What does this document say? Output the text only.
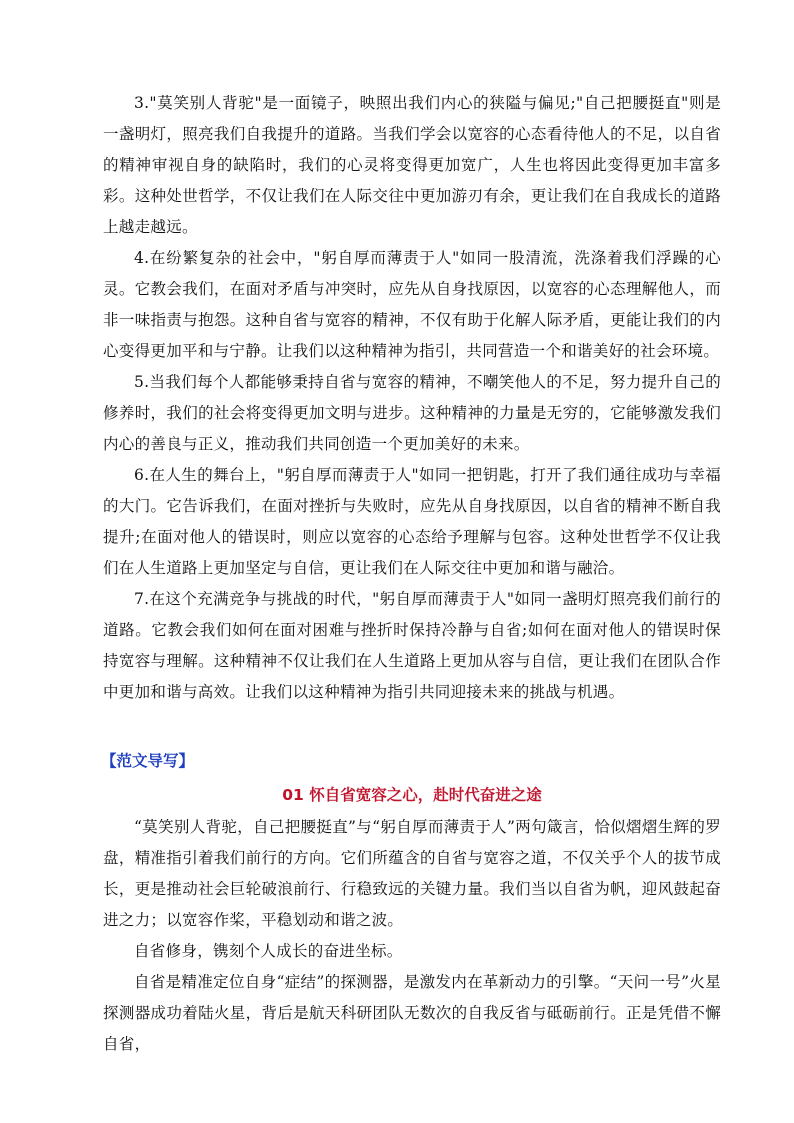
3."莫笑别人背驼"是一面镜子，映照出我们内心的狭隘与偏见;"自己把腰挺直"则是一盏明灯，照亮我们自我提升的道路。当我们学会以宽容的心态看待他人的不足，以自省的精神审视自身的缺陷时，我们的心灵将变得更加宽广，人生也将因此变得更加丰富多彩。这种处世哲学，不仅让我们在人际交往中更加游刃有余，更让我们在自我成长的道路上越走越远。

4.在纷繁复杂的社会中，"躬自厚而薄责于人"如同一股清流，洗涤着我们浮躁的心灵。它教会我们，在面对矛盾与冲突时，应先从自身找原因，以宽容的心态理解他人，而非一味指责与抱怨。这种自省与宽容的精神，不仅有助于化解人际矛盾，更能让我们的内心变得更加平和与宁静。让我们以这种精神为指引，共同营造一个和谐美好的社会环境。

5.当我们每个人都能够秉持自省与宽容的精神，不嘲笑他人的不足，努力提升自己的修养时，我们的社会将变得更加文明与进步。这种精神的力量是无穷的，它能够激发我们内心的善良与正义，推动我们共同创造一个更加美好的未来。

6.在人生的舞台上，"躬自厚而薄责于人"如同一把钥匙，打开了我们通往成功与幸福的大门。它告诉我们，在面对挫折与失败时，应先从自身找原因，以自省的精神不断自我提升;在面对他人的错误时，则应以宽容的心态给予理解与包容。这种处世哲学不仅让我们在人生道路上更加坚定与自信，更让我们在人际交往中更加和谐与融洽。

7.在这个充满竞争与挑战的时代，"躬自厚而薄责于人"如同一盏明灯照亮我们前行的道路。它教会我们如何在面对困难与挫折时保持冷静与自省;如何在面对他人的错误时保持宽容与理解。这种精神不仅让我们在人生道路上更加从容与自信，更让我们在团队合作中更加和谐与高效。让我们以这种精神为指引共同迎接未来的挑战与机遇。

【范文导写】

01 怀自省宽容之心，赴时代奋进之途

“莫笑别人背驼，自己把腰挺直”与“躬自厚而薄责于人”两句箴言，恰似熠熠生辉的罗盘，精准指引着我们前行的方向。它们所蕴含的自省与宽容之道，不仅关乎个人的拔节成长，更是推动社会巨轮破浪前行、行稳致远的关键力量。我们当以自省为帆，迎风鼓起奋进之力；以宽容作桨，平稳划动和谐之波。

自省修身，镌刻个人成长的奋进坐标。

自省是精准定位自身“症结”的探测器，是激发内在革新动力的引擎。“天问一号”火星探测器成功着陆火星，背后是航天科研团队无数次的自我反省与砥砺前行。正是凭借不懈自省，
